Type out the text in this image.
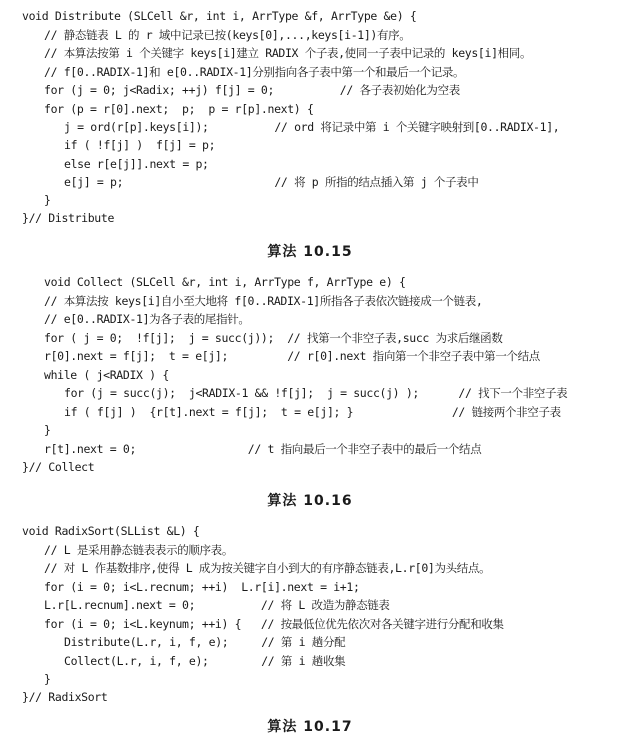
void Distribute (SLCell &r, int i, ArrType &f, ArrType &e) {
// 静态链表 L 的 r 域中记录已按(keys[0],...,keys[i-1])有序。
// 本算法按第 i 个关键字 keys[i]建立 RADIX 个子表,使同一子表中记录的 keys[i]相同。
// f[0..RADIX-1]和 e[0..RADIX-1]分别指向各子表中第一个和最后一个记录。
for (j = 0; j<Radix; ++j) f[j] = 0;          // 各子表初始化为空表
for (p = r[0].next;  p;  p = r[p].next) {
j = ord(r[p].keys[i]);          // ord 将记录中第 i 个关键字映射到[0..RADIX-1],
if ( !f[j] )  f[j] = p;
else r[e[j]].next = p;
e[j] = p;                       // 将 p 所指的结点插入第 j 个子表中
}
}// Distribute
算法 10.15
void Collect (SLCell &r, int i, ArrType f, ArrType e) {
// 本算法按 keys[i]自小至大地将 f[0..RADIX-1]所指各子表依次链接成一个链表,
// e[0..RADIX-1]为各子表的尾指针。
for ( j = 0;  !f[j];  j = succ(j));  // 找第一个非空子表,succ 为求后继函数
r[0].next = f[j];  t = e[j];         // r[0].next 指向第一个非空子表中第一个结点
while ( j<RADIX ) {
for (j = succ(j);  j<RADIX-1 && !f[j];  j = succ(j) );      // 找下一个非空子表
if ( f[j] )  {r[t].next = f[j];  t = e[j]; }               // 链接两个非空子表
}
r[t].next = 0;                 // t 指向最后一个非空子表中的最后一个结点
}// Collect
算法 10.16
void RadixSort(SLList &L) {
// L 是采用静态链表表示的顺序表。
// 对 L 作基数排序,使得 L 成为按关键字自小到大的有序静态链表,L.r[0]为头结点。
for (i = 0; i<L.recnum; ++i)  L.r[i].next = i+1;
L.r[L.recnum].next = 0;          // 将 L 改造为静态链表
for (i = 0; i<L.keynum; ++i) {   // 按最低位优先依次对各关键字进行分配和收集
Distribute(L.r, i, f, e);     // 第 i 趟分配
Collect(L.r, i, f, e);        // 第 i 趟收集
}
}// RadixSort
算法 10.17
